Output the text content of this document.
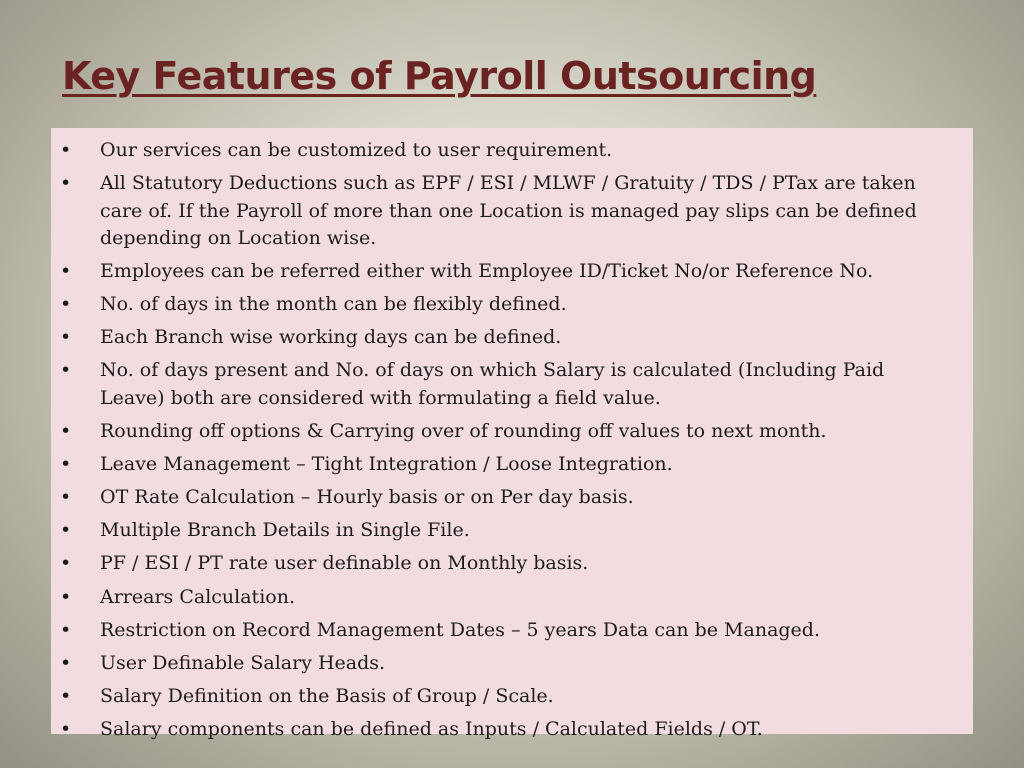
Key Features of Payroll Outsourcing
• Our services can be customized to user requirement.
• All Statutory Deductions such as EPF / ESI / MLWF / Gratuity / TDS / PTax are taken care of. If the Payroll of more than one Location is managed pay slips can be defined depending on Location wise.
• Employees can be referred either with Employee ID/Ticket No/or Reference No.
• No. of days in the month can be flexibly defined.
• Each Branch wise working days can be defined.
• No. of days present and No. of days on which Salary is calculated (Including Paid Leave) both are considered with formulating a field value.
• Rounding off options & Carrying over of rounding off values to next month.
• Leave Management – Tight Integration / Loose Integration.
• OT Rate Calculation – Hourly basis or on Per day basis.
• Multiple Branch Details in Single File.
• PF / ESI / PT rate user definable on Monthly basis.
• Arrears Calculation.
• Restriction on Record Management Dates – 5 years Data can be Managed.
• User Definable Salary Heads.
• Salary Definition on the Basis of Group / Scale.
• Salary components can be defined as Inputs / Calculated Fields / OT.
